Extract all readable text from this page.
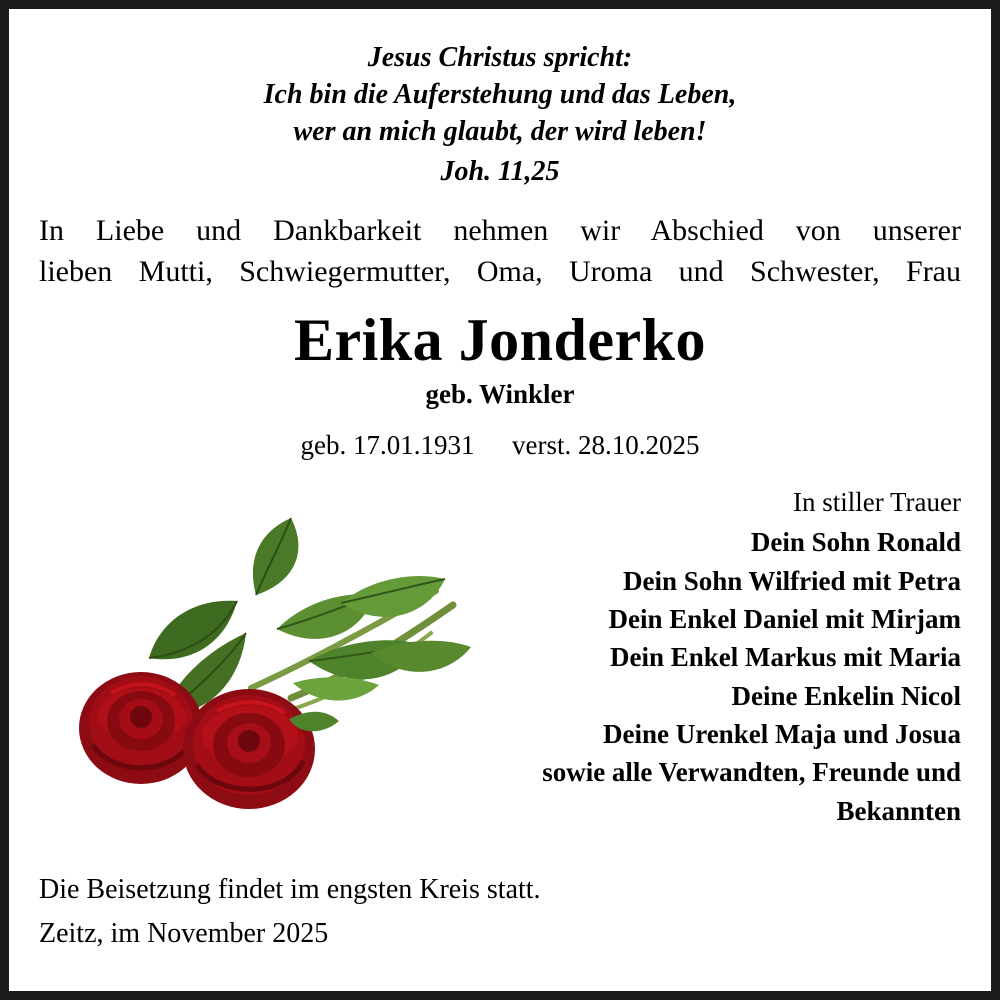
Jesus Christus spricht:
Ich bin die Auferstehung und das Leben,
wer an mich glaubt, der wird leben!
Joh. 11,25
In Liebe und Dankbarkeit nehmen wir Abschied von unserer
lieben Mutti, Schwiegermutter, Oma, Uroma und Schwester, Frau
Erika Jonderko
geb. Winkler
geb. 17.01.1931 verst. 28.10.2025
In stiller Trauer
Dein Sohn Ronald
Dein Sohn Wilfried mit Petra
Dein Enkel Daniel mit Mirjam
Dein Enkel Markus mit Maria
Deine Enkelin Nicol
Deine Urenkel Maja und Josua
sowie alle Verwandten, Freunde und
Bekannten
Die Beisetzung findet im engsten Kreis statt.
Zeitz, im November 2025
